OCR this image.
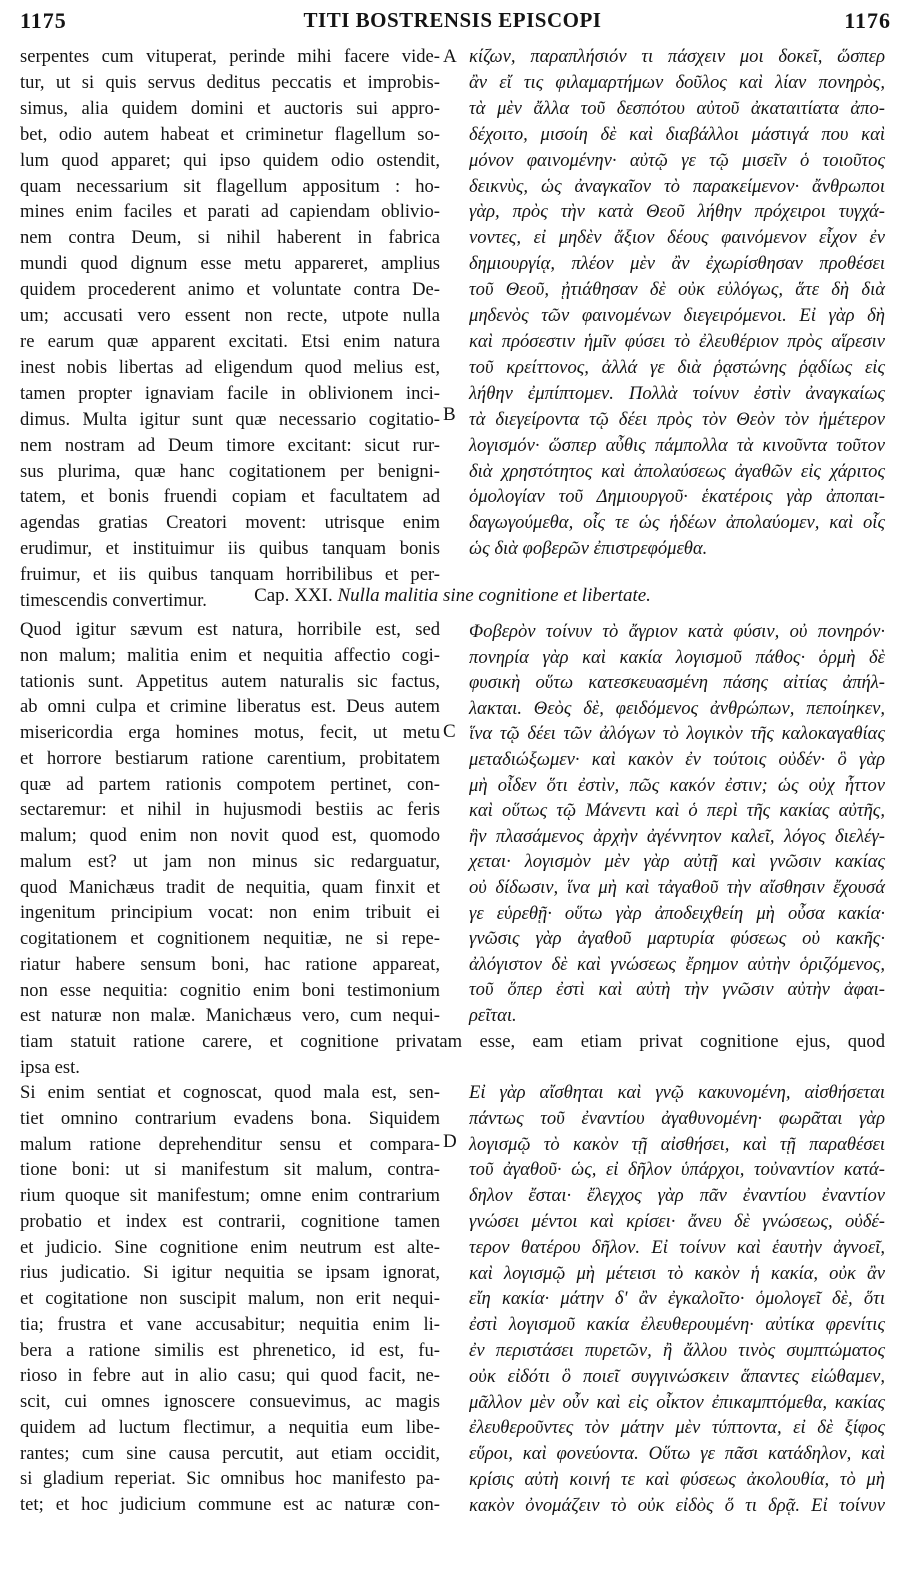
1175	TITI BOSTRENSIS EPISCOPI	1176
serpentes cum vituperat, perinde mihi facere vide-
tur, ut si quis servus deditus peccatis et improbis-
simus, alia quidem domini et auctoris sui appro-
bet, odio autem habeat et criminetur flagellum so-
lum quod apparet; qui ipso quidem odio ostendit,
quam necessarium sit flagellum appositum : ho-
mines enim faciles et parati ad capiendam oblivio-
nem contra Deum, si nihil haberent in fabrica
mundi quod dignum esse metu appareret, amplius
quidem procederent animo et voluntate contra De-
um; accusati vero essent non recte, utpote nulla
re earum quæ apparent excitati. Etsi enim natura
inest nobis libertas ad eligendum quod melius est,
tamen propter ignaviam facile in oblivionem inci-
dimus. Multa igitur sunt quæ necessario cogitatio-
nem nostram ad Deum timore excitant: sicut rur-
sus plurima, quæ hanc cogitationem per benigni-
tatem, et bonis fruendi copiam et facultatem ad
agendas gratias Creatori movent: utrisque enim
erudimur, et instituimur iis quibus tanquam bonis
fruimur, et iis quibus tanquam horribilibus et per-
timescendis convertimur.
κίζων, παραπλήσιόν τι πάσχειν μοι δοκεῖ, ὥσπερ
ἂν εἴ τις φιλαμαρτήμων δοῦλος καὶ λίαν πονηρὸς,
τὰ μὲν ἄλλα τοῦ δεσπότου αὐτοῦ ἀκαταιτίατα ἀπο-
δέχοιτο, μισοίη δὲ καὶ διαβάλλοι μάστιγά που καὶ
μόνον φαινομένην· αὐτῷ γε τῷ μισεῖν ὁ τοιοῦτος
δεικνὺς, ὡς ἀναγκαῖον τὸ παρακείμενον· ἄνθρωποι
γὰρ, πρὸς τὴν κατὰ Θεοῦ λήθην πρόχειροι τυγχά-
νοντες, εἰ μηδὲν ἄξιον δέους φαινόμενον εἶχον ἐν
δημιουργίᾳ, πλέον μὲν ἂν ἐχωρίσθησαν προθέσει
τοῦ Θεοῦ, ᾐτιάθησαν δὲ οὐκ εὐλόγως, ἅτε δὴ διὰ
μηδενὸς τῶν φαινομένων διεγειρόμενοι. Εἰ γὰρ δὴ
καὶ πρόσεστιν ἡμῖν φύσει τὸ ἐλευθέριον πρὸς αἵρεσιν
τοῦ κρείττονος, ἀλλά γε διὰ ῥᾳστώνης ῥᾳδίως εἰς
λήθην ἐμπίπτομεν. Πολλὰ τοίνυν ἐστὶν ἀναγκαίως
τὰ διεγείροντα τῷ δέει πρὸς τὸν Θεὸν τὸν ἡμέτερον
λογισμόν· ὥσπερ αὖθις πάμπολλα τὰ κινοῦντα τοῦτον
διὰ χρηστότητος καὶ ἀπολαύσεως ἀγαθῶν εἰς χάριτος
ὁμολογίαν τοῦ Δημιουργοῦ· ἑκατέροις γὰρ ἀποπαι-
δαγωγούμεθα, οἷς τε ὡς ἡδέων ἀπολαύομεν, καὶ οἷς
ὡς διὰ φοβερῶν ἐπιστρεφόμεθα.
A
B
Cap. XXI. Nulla malitia sine cognitione et libertate.
Quod igitur sævum est natura, horribile est, sed
non malum; malitia enim et nequitia affectio cogi-
tationis sunt. Appetitus autem naturalis sic factus,
ab omni culpa et crimine liberatus est. Deus autem
misericordia erga homines motus, fecit, ut metu
et horrore bestiarum ratione carentium, probitatem
quæ ad partem rationis compotem pertinet, con-
sectaremur: et nihil in hujusmodi bestiis ac feris
malum; quod enim non novit quod est, quomodo
malum est? ut jam non minus sic redarguatur,
quod Manichæus tradit de nequitia, quam finxit et
ingenitum principium vocat: non enim tribuit ei
cogitationem et cognitionem nequitiæ, ne si repe-
riatur habere sensum boni, hac ratione appareat,
non esse nequitia: cognitio enim boni testimonium
est naturæ non malæ. Manichæus vero, cum nequi-
Φοβερὸν τοίνυν τὸ ἄγριον κατὰ φύσιν, οὐ πονηρόν·
πονηρία γὰρ καὶ κακία λογισμοῦ πάθος· ὁρμὴ δὲ
φυσικὴ οὕτω κατεσκευασμένη πάσης αἰτίας ἀπήλ-
λακται. Θεὸς δὲ, φειδόμενος ἀνθρώπων, πεποίηκεν,
ἵνα τῷ δέει τῶν ἀλόγων τὸ λογικὸν τῆς καλοκαγαθίας
μεταδιώξωμεν· καὶ κακὸν ἐν τούτοις οὐδέν· ὃ γὰρ
μὴ οἶδεν ὅτι ἐστὶν, πῶς κακόν ἐστιν; ὡς οὐχ ἧττον
καὶ οὕτως τῷ Μάνεντι καὶ ὁ περὶ τῆς κακίας αὐτῆς,
ἣν πλασάμενος ἀρχὴν ἀγέννητον καλεῖ, λόγος διελέγ-
χεται· λογισμὸν μὲν γὰρ αὐτῇ καὶ γνῶσιν κακίας
οὐ δίδωσιν, ἵνα μὴ καὶ τἀγαθοῦ τὴν αἴσθησιν ἔχουσά
γε εὑρεθῇ· οὕτω γὰρ ἀποδειχθείη μὴ οὖσα κακία·
γνῶσις γὰρ ἀγαθοῦ μαρτυρία φύσεως οὐ κακῆς·
ἀλόγιστον δὲ καὶ γνώσεως ἔρημον αὐτὴν ὁριζόμενος,
τοῦ ὅπερ ἐστὶ καὶ αὐτὴ τὴν γνῶσιν αὐτὴν ἀφαι-
ρεῖται.
C
tiam statuit ratione carere, et cognitione privatam esse, eam etiam privat cognitione ejus, quod
ipsa est.
Si enim sentiat et cognoscat, quod mala est, sen-
tiet omnino contrarium evadens bona. Siquidem
malum ratione deprehenditur sensu et compara-
tione boni: ut si manifestum sit malum, contra-
rium quoque sit manifestum; omne enim contrarium
probatio et index est contrarii, cognitione tamen
et judicio. Sine cognitione enim neutrum est alte-
rius judicatio. Si igitur nequitia se ipsam ignorat,
et cogitatione non suscipit malum, non erit nequi-
tia; frustra et vane accusabitur; nequitia enim li-
bera a ratione similis est phrenetico, id est, fu-
rioso in febre aut in alio casu; qui quod facit, ne-
scit, cui omnes ignoscere consuevimus, ac magis
quidem ad luctum flectimur, a nequitia eum libe-
rantes; cum sine causa percutit, aut etiam occidit,
si gladium reperiat. Sic omnibus hoc manifesto pa-
tet; et hoc judicium commune est ac naturæ con-
Εἰ γὰρ αἴσθηται καὶ γνῷ κακυνομένη, αἰσθήσεται
πάντως τοῦ ἐναντίου ἀγαθυνομένη· φωρᾶται γὰρ
λογισμῷ τὸ κακὸν τῇ αἰσθήσει, καὶ τῇ παραθέσει
τοῦ ἀγαθοῦ· ὡς, εἰ δῆλον ὑπάρχοι, τοὐναντίον κατά-
δηλον ἔσται· ἔλεγχος γὰρ πᾶν ἐναντίου ἐναντίον
γνώσει μέντοι καὶ κρίσει· ἄνευ δὲ γνώσεως, οὐδέ-
τερον θατέρου δῆλον. Εἰ τοίνυν καὶ ἑαυτὴν ἀγνοεῖ,
καὶ λογισμῷ μὴ μέτεισι τὸ κακὸν ἡ κακία, οὐκ ἂν
εἴη κακία· μάτην δ' ἂν ἐγκαλοῖτο· ὁμολογεῖ δὲ, ὅτι
ἐστὶ λογισμοῦ κακία ἐλευθερουμένη· αὐτίκα φρενίτις
ἐν περιστάσει πυρετῶν, ἢ ἄλλου τινὸς συμπτώματος
οὐκ εἰδότι ὃ ποιεῖ συγγινώσκειν ἅπαντες εἰώθαμεν,
μᾶλλον μὲν οὖν καὶ εἰς οἶκτον ἐπικαμπτόμεθα, κακίας
ἐλευθεροῦντες τὸν μάτην μὲν τύπτοντα, εἰ δὲ ξίφος
εὕροι, καὶ φονεύοντα. Οὕτω γε πᾶσι κατάδηλον, καὶ
κρίσις αὐτὴ κοινή τε καὶ φύσεως ἀκολουθία, τὸ μὴ
κακὸν ὀνομάζειν τὸ οὐκ εἰδὸς ὅ τι δρᾷ. Εἰ τοίνυν
D
